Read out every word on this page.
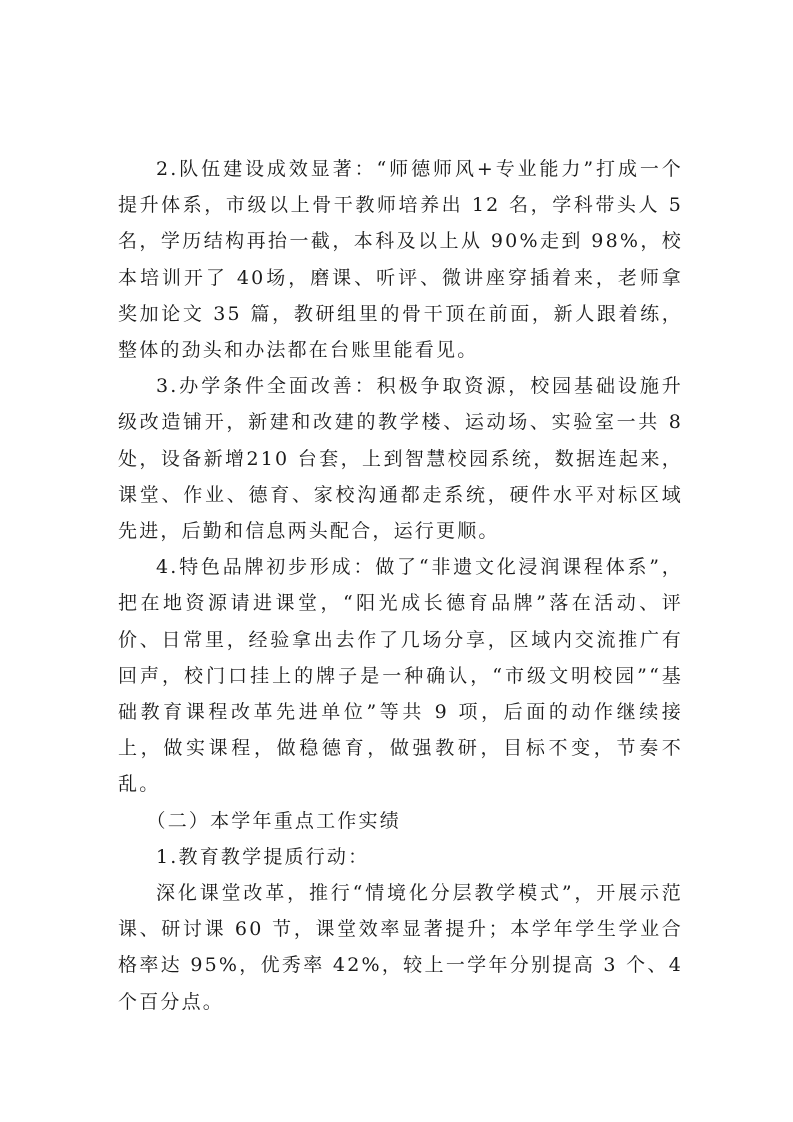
2.队伍建设成效显著：“师德师风+专业能力”打成一个提升体系，市级以上骨干教师培养出 12 名，学科带头人 5 名，学历结构再抬一截，本科及以上从 90%走到 98%，校本培训开了 40场，磨课、听评、微讲座穿插着来，老师拿奖加论文 35 篇，教研组里的骨干顶在前面，新人跟着练，整体的劲头和办法都在台账里能看见。

3.办学条件全面改善：积极争取资源，校园基础设施升级改造铺开，新建和改建的教学楼、运动场、实验室一共 8 处，设备新增210 台套，上到智慧校园系统，数据连起来，课堂、作业、德育、家校沟通都走系统，硬件水平对标区域先进，后勤和信息两头配合，运行更顺。

4.特色品牌初步形成：做了“非遗文化浸润课程体系”，把在地资源请进课堂，“阳光成长德育品牌”落在活动、评价、日常里，经验拿出去作了几场分享，区域内交流推广有回声，校门口挂上的牌子是一种确认，“市级文明校园”“基础教育课程改革先进单位”等共 9 项，后面的动作继续接上，做实课程，做稳德育，做强教研，目标不变，节奏不乱。

（二）本学年重点工作实绩

1.教育教学提质行动：

深化课堂改革，推行“情境化分层教学模式”，开展示范课、研讨课 60 节，课堂效率显著提升；本学年学生学业合格率达 95%，优秀率 42%，较上一学年分别提高 3 个、4 个百分点。
